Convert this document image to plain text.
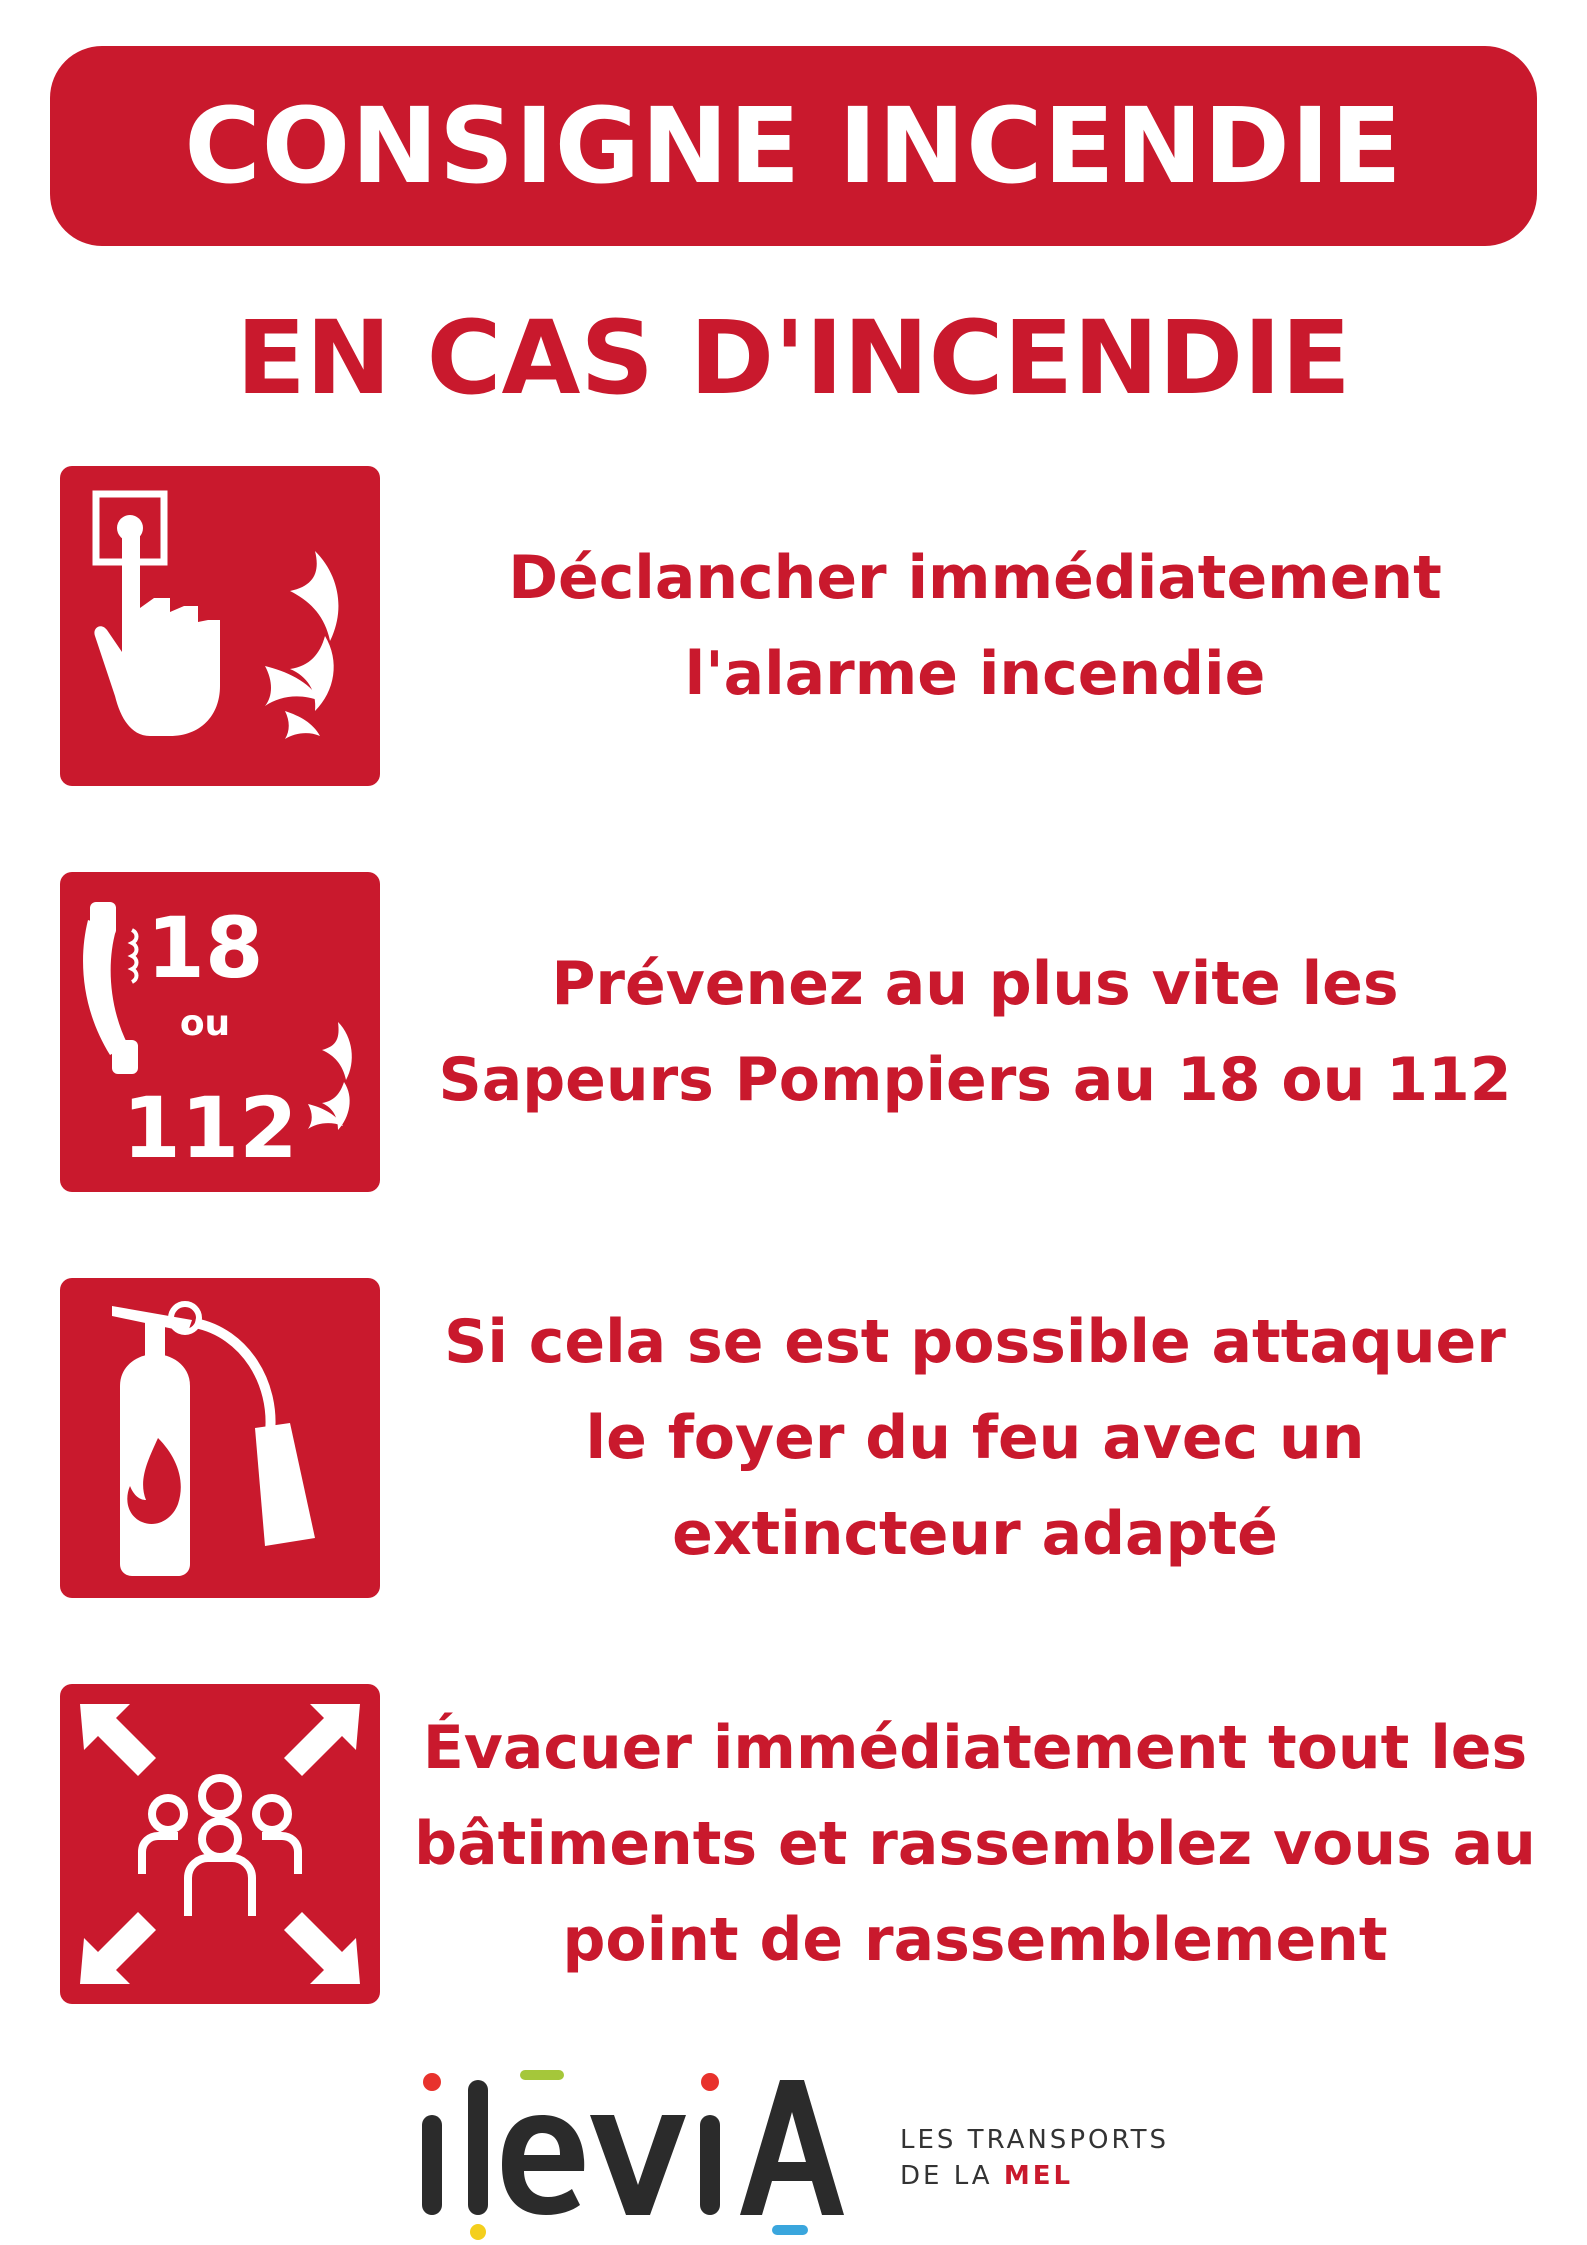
CONSIGNE INCENDIE
EN CAS D'INCENDIE
Déclancher immédiatement
l'alarme incendie
18
ou
112
Prévenez au plus vite les
Sapeurs Pompiers au 18 ou 112
Si cela se est possible attaquer
le foyer du feu avec un
extincteur adapté
Évacuer immédiatement tout les
bâtiments et rassemblez vous au
point de rassemblement
LES TRANSPORTS
DE LA MEL
